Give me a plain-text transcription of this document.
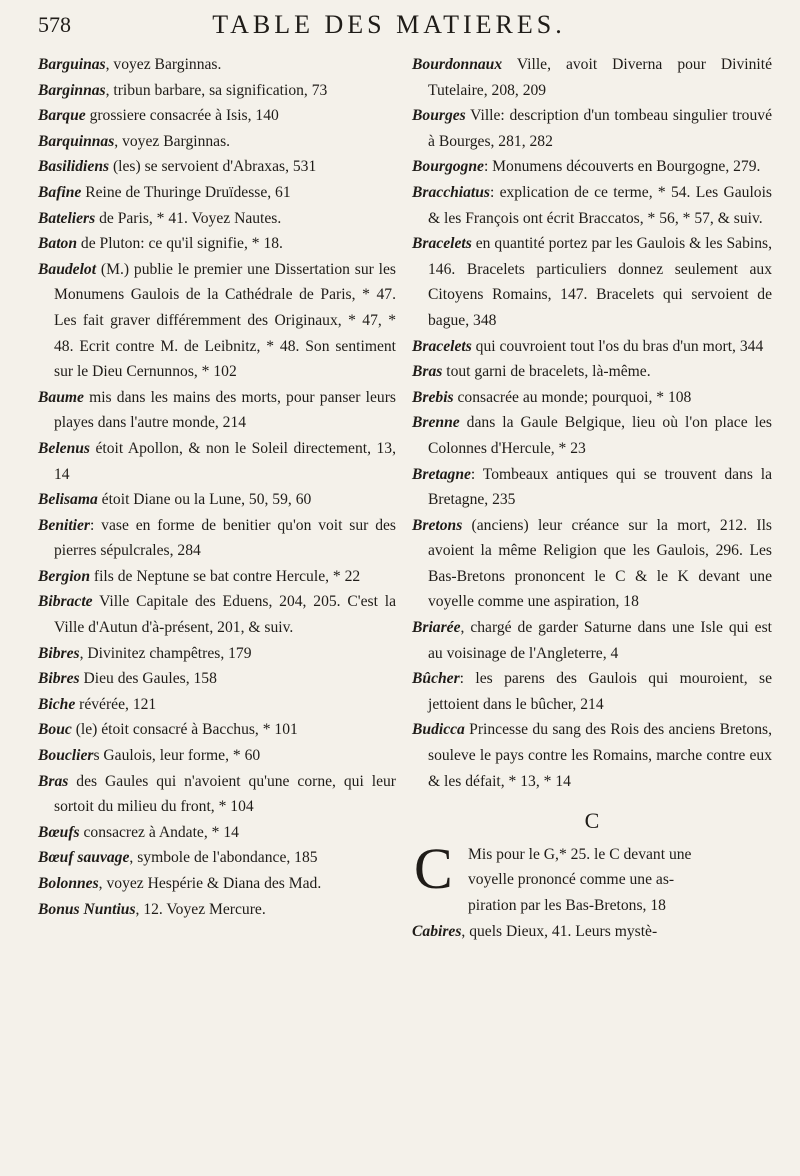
578	TABLE DES MATIERES.

Barguinas, voyez Barginnas.

Barginnas, tribun barbare, sa signification, 73

Barque grossiere consacrée à Isis, 140

Barquinnas, voyez Barginnas.

Basilidiens (les) se servoient d'Abraxas, 531

Bafine Reine de Thuringe Druïdesse, 61

Bateliers de Paris, * 41. Voyez Nautes.

Baton de Pluton: ce qu'il signifie, * 18.

Baudelot (M.) publie le premier une Dissertation sur les Monumens Gaulois de la Cathédrale de Paris, * 47. Les fait graver différemment des Originaux, * 47, * 48. Ecrit contre M. de Leibnitz, * 48. Son sentiment sur le Dieu Cernunnos, * 102

Baume mis dans les mains des morts, pour panser leurs playes dans l'autre monde, 214

Belenus étoit Apollon, & non le Soleil directement, 13, 14

Belisama étoit Diane ou la Lune, 50, 59, 60

Benitier: vase en forme de benitier qu'on voit sur des pierres sépulcrales, 284

Bergion fils de Neptune se bat contre Hercule, * 22

Bibracte Ville Capitale des Eduens, 204, 205. C'est la Ville d'Autun d'à-présent, 201, & suiv.

Bibres, Divinitez champêtres, 179

Bibres Dieu des Gaules, 158

Biche révérée, 121

Bouc (le) étoit consacré à Bacchus, * 101

Boucliers Gaulois, leur forme, * 60

Bras des Gaules qui n'avoient qu'une corne, qui leur sortoit du milieu du front, * 104

Bœufs consacrez à Andate, * 14

Bœuf sauvage, symbole de l'abondance, 185

Bolonnes, voyez Hespérie & Diana des Mad.

Bonus Nuntius, 12. Voyez Mercure.

Bourdonnaux Ville, avoit Diverna pour Divinité Tutelaire, 208, 209

Bourges Ville: description d'un tombeau singulier trouvé à Bourges, 281, 282

Bourgogne: Monumens découverts en Bourgogne, 279.

Bracchiatus: explication de ce terme, * 54. Les Gaulois & les François ont écrit Braccatos, * 56, * 57, & suiv.

Bracelets en quantité portez par les Gaulois & les Sabins, 146. Bracelets particuliers donnez seulement aux Citoyens Romains, 147. Bracelets qui servoient de bague, 348

Bracelets qui couvroient tout l'os du bras d'un mort, 344

Bras tout garni de bracelets, là-même.

Brebis consacrée au monde; pourquoi, * 108

Brenne dans la Gaule Belgique, lieu où l'on place les Colonnes d'Hercule, * 23

Bretagne: Tombeaux antiques qui se trouvent dans la Bretagne, 235

Bretons (anciens) leur créance sur la mort, 212. Ils avoient la même Religion que les Gaulois, 296. Les Bas-Bretons prononcent le C & le K devant une voyelle comme une aspiration, 18

Briarée, chargé de garder Saturne dans une Isle qui est au voisinage de l'Angleterre, 4

Bûcher: les parens des Gaulois qui mouroient, se jettoient dans le bûcher, 214

Budicca Princesse du sang des Rois des anciens Bretons, souleve le pays contre les Romains, marche contre eux & les défait, * 13, * 14

C
C Mis pour le G,* 25. le C devant une
voyelle prononcé comme une as-
piration par les Bas-Bretons, 18

Cabires, quels Dieux, 41. Leurs mystè-
